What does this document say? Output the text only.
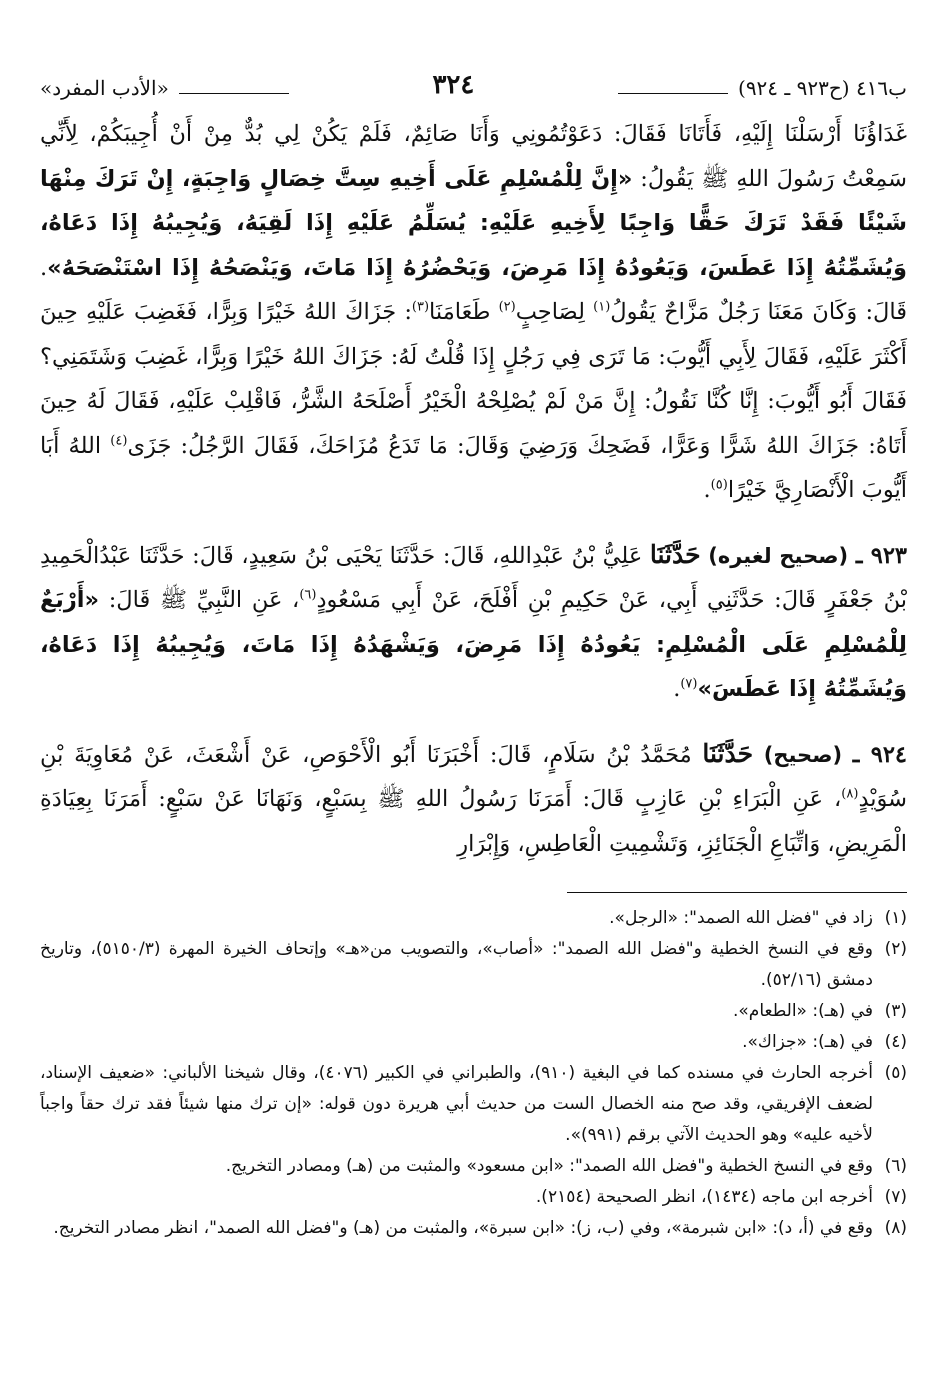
ب٤١٦ (ح٩٢٣ ـ ٩٢٤)
٣٢٤
«الأدب المفرد»

غَدَاؤُنَا أَرْسَلْنَا إِلَيْهِ، فَأَتَانَا فَقَالَ: دَعَوْتُمُونِي وَأَنَا صَائِمٌ، فَلَمْ يَكُنْ لِي بُدٌّ مِنْ أَنْ أُجِيبَكُمْ، لِأَنِّي سَمِعْتُ رَسُولَ اللهِ ﷺ يَقُولُ: «إِنَّ لِلْمُسْلِمِ عَلَى أَخِيهِ سِتَّ خِصَالٍ وَاجِبَةٍ، إِنْ تَرَكَ مِنْهَا شَيْئًا فَقَدْ تَرَكَ حَقًّا وَاجِبًا لِأَخِيهِ عَلَيْهِ: يُسَلِّمُ عَلَيْهِ إِذَا لَقِيَهُ، وَيُجِيبُهُ إِذَا دَعَاهُ، وَيُشَمِّتُهُ إِذَا عَطَسَ، وَيَعُودُهُ إِذَا مَرِضَ، وَيَحْضُرُهُ إِذَا مَاتَ، وَيَنْصَحُهُ إِذَا اسْتَنْصَحَهُ». قَالَ: وَكَانَ مَعَنَا رَجُلٌ مَزَّاحٌ يَقُولُ$^{(١)}$ لِصَاحِبٍ$^{(٢)}$ طَعَامَنَا$^{(٣)}$: جَزَاكَ اللهُ خَيْرًا وَبِرًّا، فَغَضِبَ عَلَيْهِ حِينَ أَكْثَرَ عَلَيْهِ، فَقَالَ لِأَبِي أَيُّوبَ: مَا تَرَى فِي رَجُلٍ إِذَا قُلْتُ لَهُ: جَزَاكَ اللهُ خَيْرًا وَبِرًّا، غَضِبَ وَشَتَمَنِي؟ فَقَالَ أَبُو أَيُّوبَ: إِنَّا كُنَّا نَقُولُ: إِنَّ مَنْ لَمْ يُصْلِحْهُ الْخَيْرُ أَصْلَحَهُ الشَّرُّ، فَاقْلِبْ عَلَيْهِ، فَقَالَ لَهُ حِينَ أَتَاهُ: جَزَاكَ اللهُ شَرًّا وَعَرًّا، فَضَحِكَ وَرَضِيَ وَقَالَ: مَا تَدَعُ مُزَاحَكَ، فَقَالَ الرَّجُلُ: جَزَى$^{(٤)}$ اللهُ أَبَا أَيُّوبَ الْأَنْصَارِيَّ خَيْرًا$^{(٥)}$.

٩٢٣ ـ (صحيح لغيره) حَدَّثَنَا عَلِيُّ بْنُ عَبْدِاللهِ، قَالَ: حَدَّثَنَا يَحْيَى بْنُ سَعِيدٍ، قَالَ: حَدَّثَنَا عَبْدُالْحَمِيدِ بْنُ جَعْفَرٍ قَالَ: حَدَّثَنِي أَبِي، عَنْ حَكِيمِ بْنِ أَفْلَحَ، عَنْ أَبِي مَسْعُودٍ$^{(٦)}$، عَنِ النَّبِيِّ ﷺ قَالَ: «أَرْبَعٌ لِلْمُسْلِمِ عَلَى الْمُسْلِمِ: يَعُودُهُ إِذَا مَرِضَ، وَيَشْهَدُهُ إِذَا مَاتَ، وَيُجِيبُهُ إِذَا دَعَاهُ، وَيُشَمِّتُهُ إِذَا عَطَسَ»$^{(٧)}$.

٩٢٤ ـ (صحيح) حَدَّثَنَا مُحَمَّدُ بْنُ سَلَامٍ، قَالَ: أَخْبَرَنَا أَبُو الْأَحْوَصِ، عَنْ أَشْعَثَ، عَنْ مُعَاوِيَةَ بْنِ سُوَيْدٍ$^{(٨)}$، عَنِ الْبَرَاءِ بْنِ عَازِبٍ قَالَ: أَمَرَنَا رَسُولُ اللهِ ﷺ بِسَبْعٍ، وَنَهَانَا عَنْ سَبْعٍ: أَمَرَنَا بِعِيَادَةِ الْمَرِيضِ، وَاتِّبَاعِ الْجَنَائِزِ، وَتَشْمِيتِ الْعَاطِسِ، وَإِبْرَارِ

(١)
زاد في "فضل الله الصمد": «الرجل».
(٢)
وقع في النسخ الخطية و"فضل الله الصمد": «أصاب»، والتصويب من«هـ» وإتحاف الخيرة المهرة (٥١٥٠/٣)، وتاريخ دمشق (٥٢/١٦).
(٣)
في (هـ): «الطعام».
(٤)
في (هـ): «جزاك».
(٥)
أخرجه الحارث في مسنده كما في البغية (٩١٠)، والطبراني في الكبير (٤٠٧٦)، وقال شيخنا الألباني: «ضعيف الإسناد، لضعف الإفريقي، وقد صح منه الخصال الست من حديث أبي هريرة دون قوله: «إن ترك منها شيئاً فقد ترك حقاً واجباً لأخيه عليه» وهو الحديث الآتي برقم (٩٩١)».
(٦)
وقع في النسخ الخطية و"فضل الله الصمد": «ابن مسعود» والمثبت من (هـ) ومصادر التخريج.
(٧)
أخرجه ابن ماجه (١٤٣٤)، انظر الصحيحة (٢١٥٤).
(٨)
وقع في (أ، د): «ابن شبرمة»، وفي (ب، ز): «ابن سبرة»، والمثبت من (هـ) و"فضل الله الصمد"، انظر مصادر التخريج.
